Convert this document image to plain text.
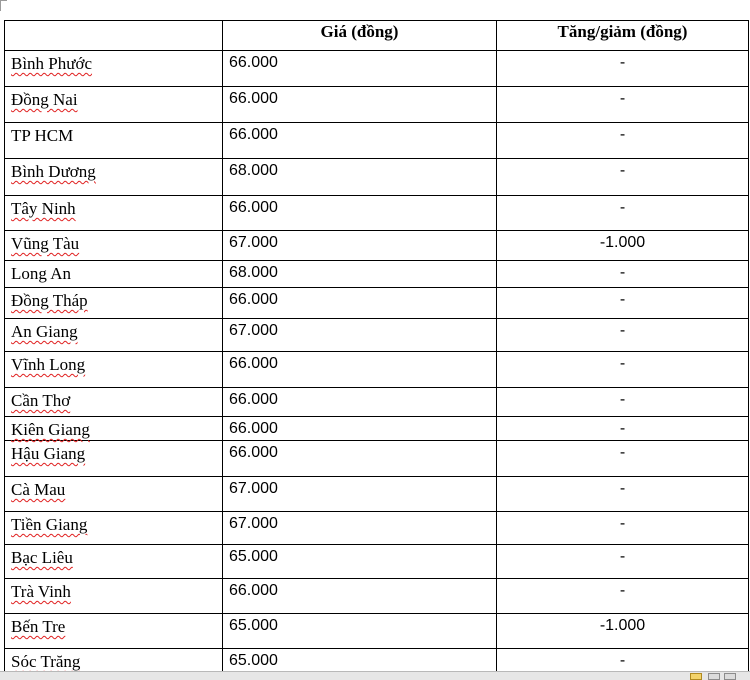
	Giá (đồng)	Tăng/giảm (đồng)
Bình Phước	66.000	-
Đồng Nai	66.000	-
TP HCM	66.000	-
Bình Dương	68.000	-
Tây Ninh	66.000	-
Vũng Tàu	67.000	-1.000
Long An	68.000	-
Đồng Tháp	66.000	-
An Giang	67.000	-
Vĩnh Long	66.000	-
Cần Thơ	66.000	-
Kiên Giang	66.000	-
Hậu Giang	66.000	-
Cà Mau	67.000	-
Tiền Giang	67.000	-
Bạc Liêu	65.000	-
Trà Vinh	66.000	-
Bến Tre	65.000	-1.000
Sóc Trăng	65.000	-
